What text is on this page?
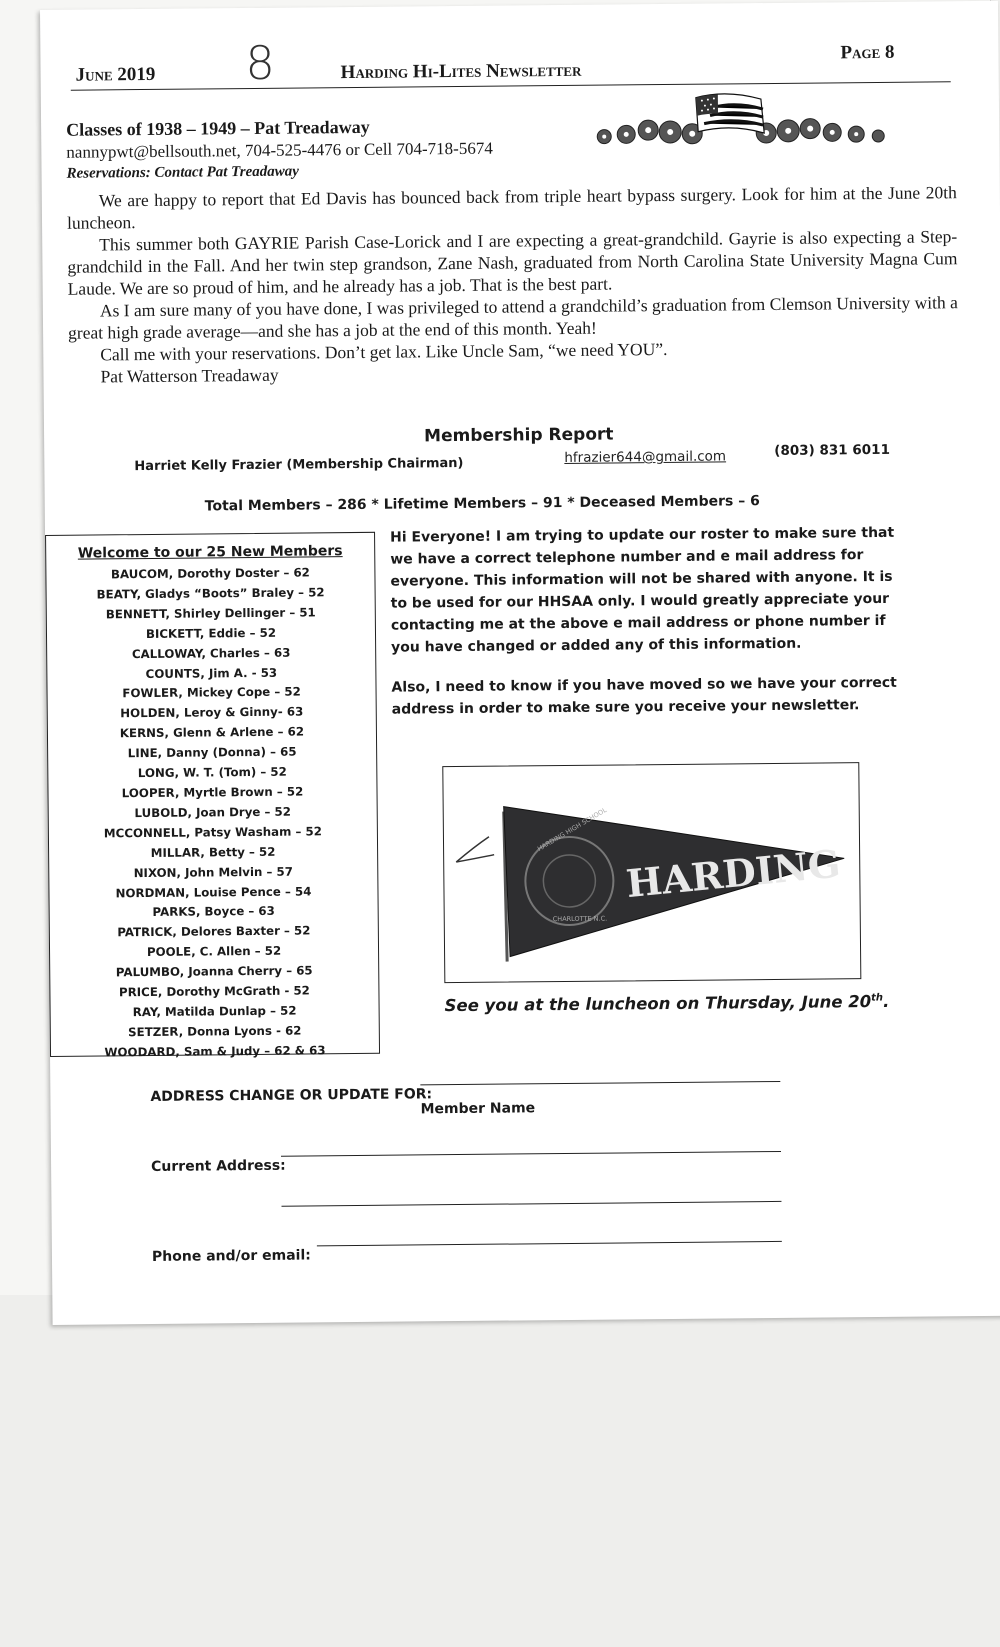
June 2019 8	Harding Hi-Lites Newsletter
Page 8
Classes of 1938 – 1949 – Pat Treadaway
nannypwt@bellsouth.net, 704-525-4476 or Cell 704-718-5674
Reservations: Contact Pat Treadaway

We are happy to report that Ed Davis has bounced back from triple heart bypass surgery. Look for him at the June 20th luncheon.

This summer both GAYRIE Parish Case-Lorick and I are expecting a great-grandchild. Gayrie is also expecting a Step-grandchild in the Fall. And her twin step grandson, Zane Nash, graduated from North Carolina State University Magna Cum Laude. We are so proud of him, and he already has a job. That is the best part.

As I am sure many of you have done, I was privileged to attend a grandchild’s graduation from Clemson University with a great high grade average—and she has a job at the end of this month. Yeah!

Call me with your reservations. Don’t get lax. Like Uncle Sam, “we need YOU”.

Pat Watterson Treadaway

Membership Report
Harriet Kelly Frazier (Membership Chairman)	hfrazier644@gmail.com	(803) 831 6011
Total Members – 286 * Lifetime Members – 91 * Deceased Members – 6
Welcome to our 25 New Members
BAUCOM, Dorothy Doster – 62
BEATY, Gladys “Boots” Braley – 52
BENNETT, Shirley Dellinger – 51
BICKETT, Eddie – 52
CALLOWAY, Charles – 63
COUNTS, Jim A. - 53
FOWLER, Mickey Cope – 52
HOLDEN, Leroy & Ginny- 63
KERNS, Glenn & Arlene – 62
LINE, Danny (Donna) – 65
LONG, W. T. (Tom) – 52
LOOPER, Myrtle Brown – 52
LUBOLD, Joan Drye – 52
MCCONNELL, Patsy Washam – 52
MILLAR, Betty – 52
NIXON, John Melvin – 57
NORDMAN, Louise Pence – 54
PARKS, Boyce – 63
PATRICK, Delores Baxter – 52
POOLE, C. Allen – 52
PALUMBO, Joanna Cherry – 65
PRICE, Dorothy McGrath - 52
RAY, Matilda Dunlap – 52
SETZER, Donna Lyons - 62
WOODARD, Sam & Judy – 62 & 63

Hi Everyone! I am trying to update our roster to make sure that we have a correct telephone number and e mail address for everyone. This information will not be shared with anyone. It is to be used for our HHSAA only. I would greatly appreciate your contacting me at the above e mail address or phone number if you have changed or added any of this information.

Also, I need to know if you have moved so we have your correct address in order to make sure you receive your newsletter.

HARDING HIGH SCHOOL
CHARLOTTE N.C.
HARDING
See you at the luncheon on Thursday, June 20th.
ADDRESS CHANGE OR UPDATE FOR:
Member Name
Current Address:
Phone and/or email:
